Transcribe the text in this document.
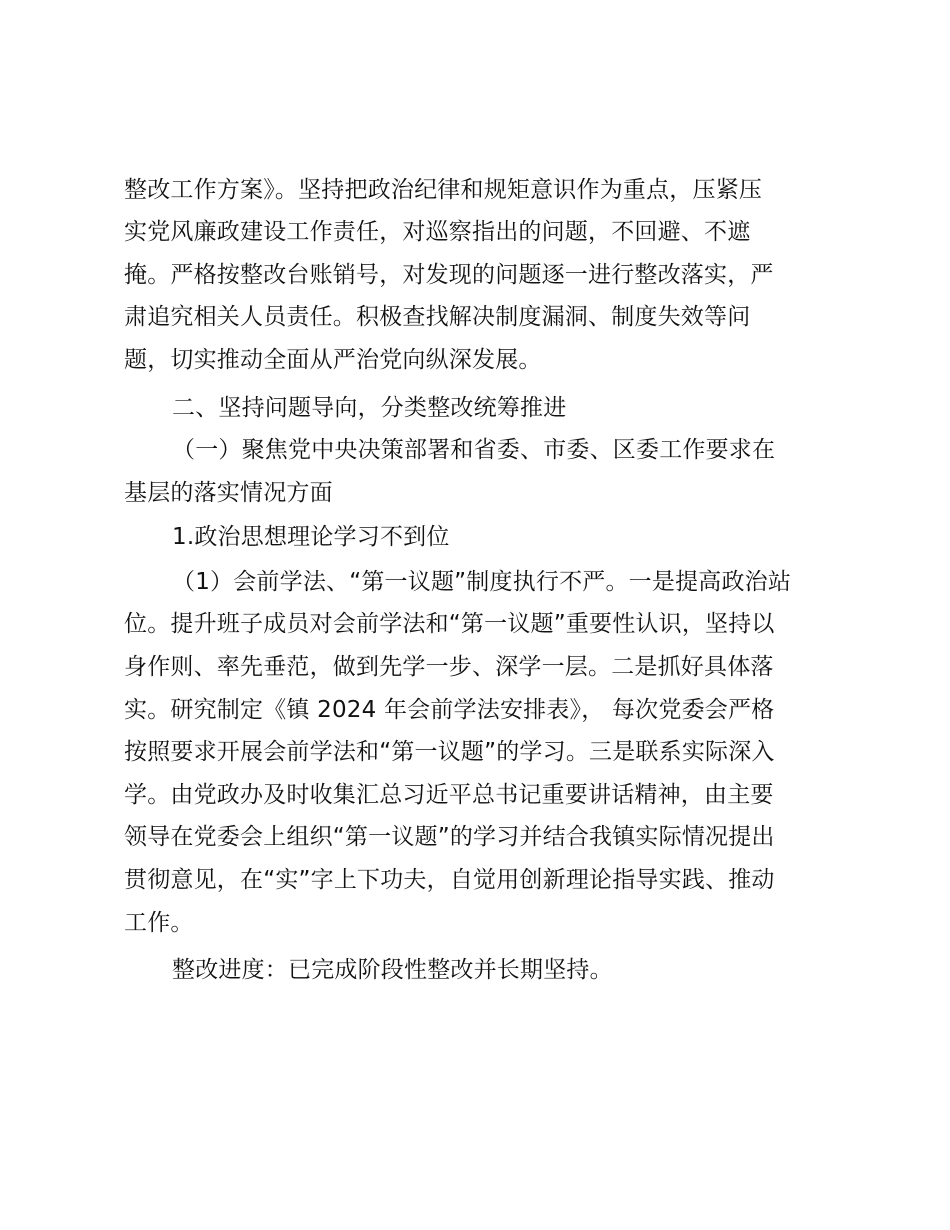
整改工作方案》。坚持把政治纪律和规矩意识作为重点，压紧压
实党风廉政建设工作责任，对巡察指出的问题，不回避、不遮
掩。严格按整改台账销号，对发现的问题逐一进行整改落实，严
肃追究相关人员责任。积极查找解决制度漏洞、制度失效等问
题，切实推动全面从严治党向纵深发展。
二、坚持问题导向，分类整改统筹推进
（一）聚焦党中央决策部署和省委、市委、区委工作要求在
基层的落实情况方面
1.政治思想理论学习不到位
（1）会前学法、“第一议题”制度执行不严。一是提高政治站
位。提升班子成员对会前学法和“第一议题”重要性认识，坚持以
身作则、率先垂范，做到先学一步、深学一层。二是抓好具体落
实。研究制定《镇 2024 年会前学法安排表》， 每次党委会严格
按照要求开展会前学法和“第一议题”的学习。三是联系实际深入
学。由党政办及时收集汇总习近平总书记重要讲话精神，由主要
领导在党委会上组织“第一议题”的学习并结合我镇实际情况提出
贯彻意见，在“实”字上下功夫，自觉用创新理论指导实践、推动
工作。
整改进度：已完成阶段性整改并长期坚持。
